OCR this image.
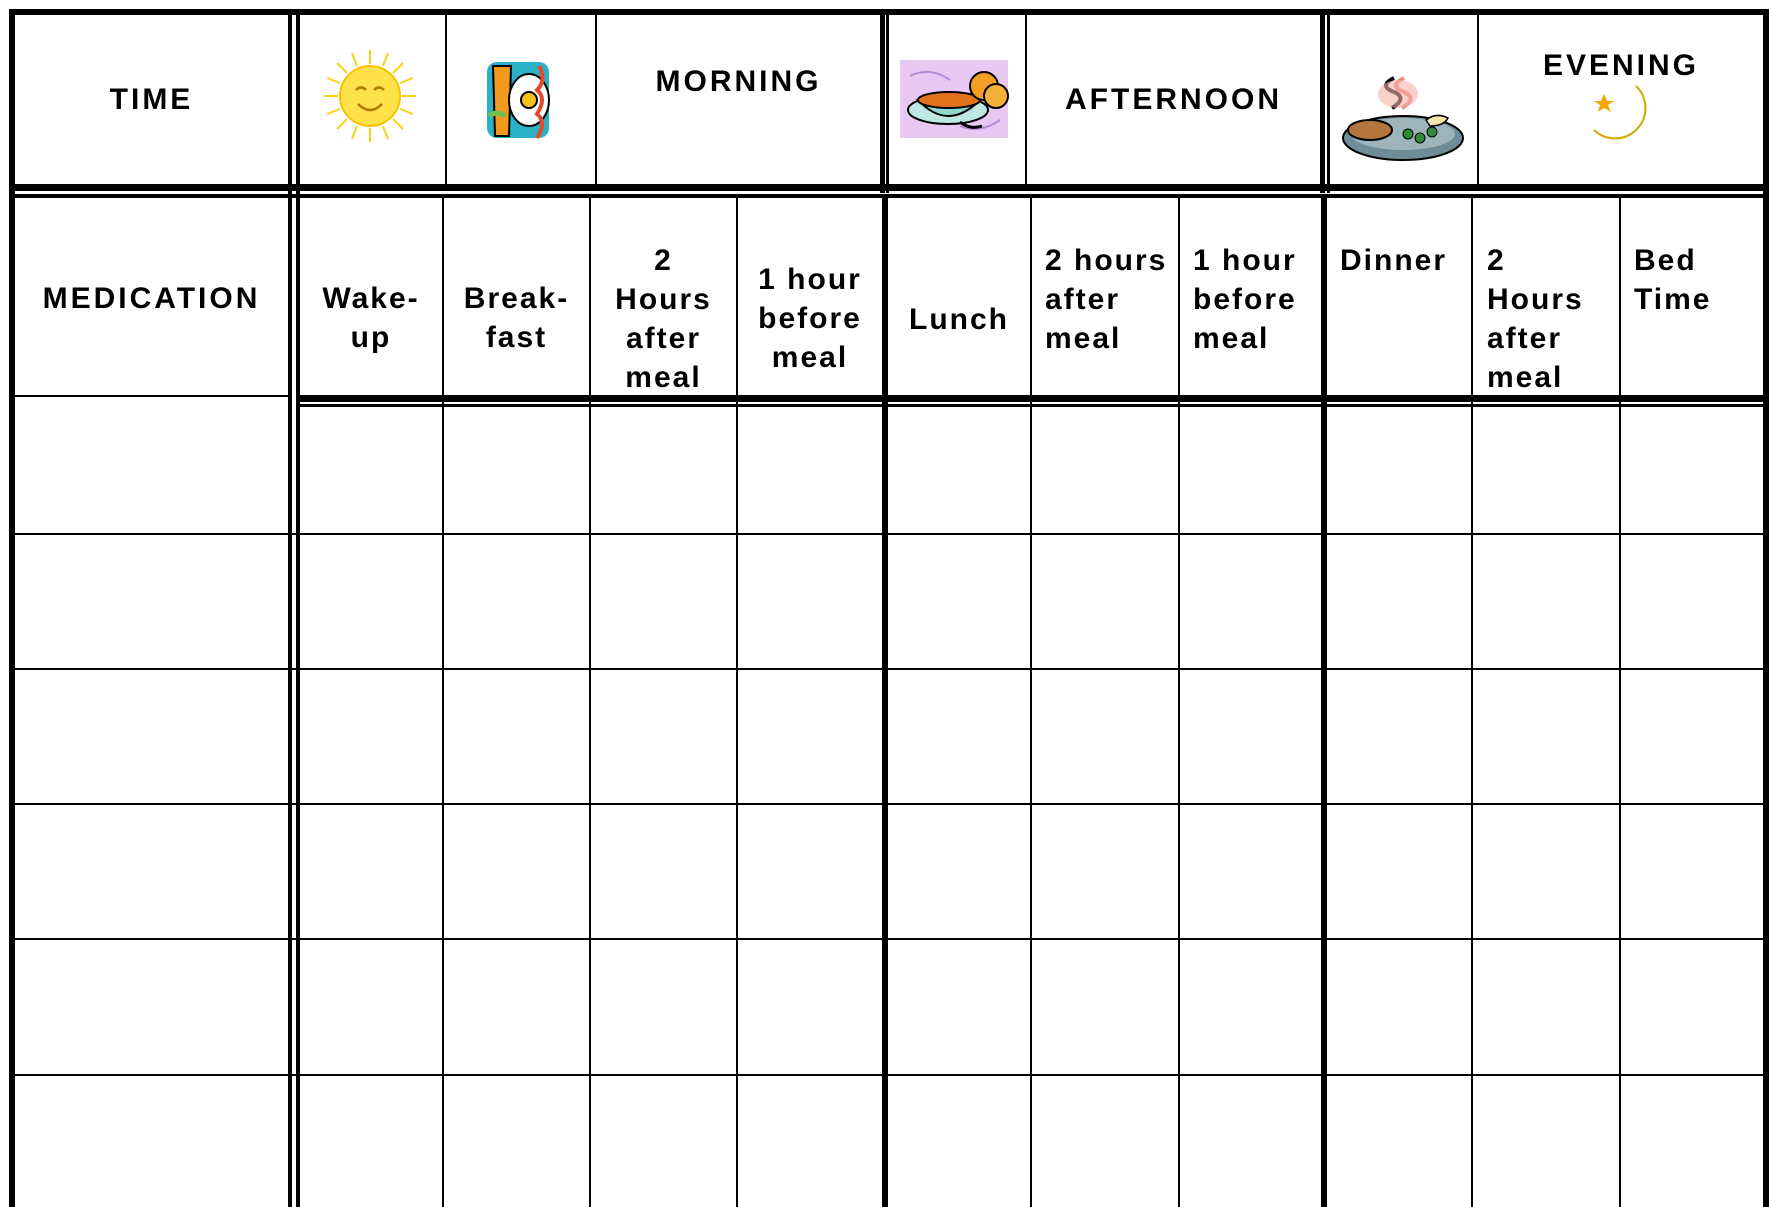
TIME
MORNING
AFTERNOON
EVENING
MEDICATION	Wake-
up
Break-
fast
2
Hours
after
meal
1 hour
before
meal
Lunch
2 hours
after
meal
1 hour
before
meal
Dinner	2
Hours
after
meal
Bed
Time
